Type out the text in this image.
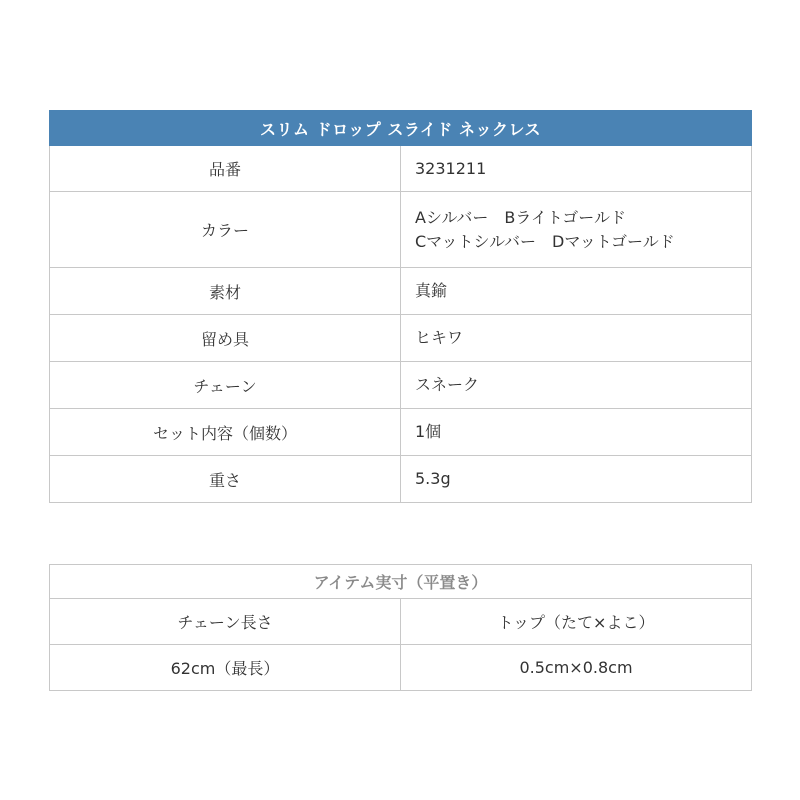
スリム ドロップ スライド ネックレス	
品番	3231211

カラー	Aシルバー　Bライトゴールド
Cマットシルバー　Dマットゴールド

素材	真鍮

留め具	ヒキワ

チェーン	スネーク

セット内容（個数）	1個

重さ	5.3g
アイテム実寸（平置き）	
チェーン長さ	トップ（たて×よこ）
62cm（最長）	0.5cm×0.8cm
